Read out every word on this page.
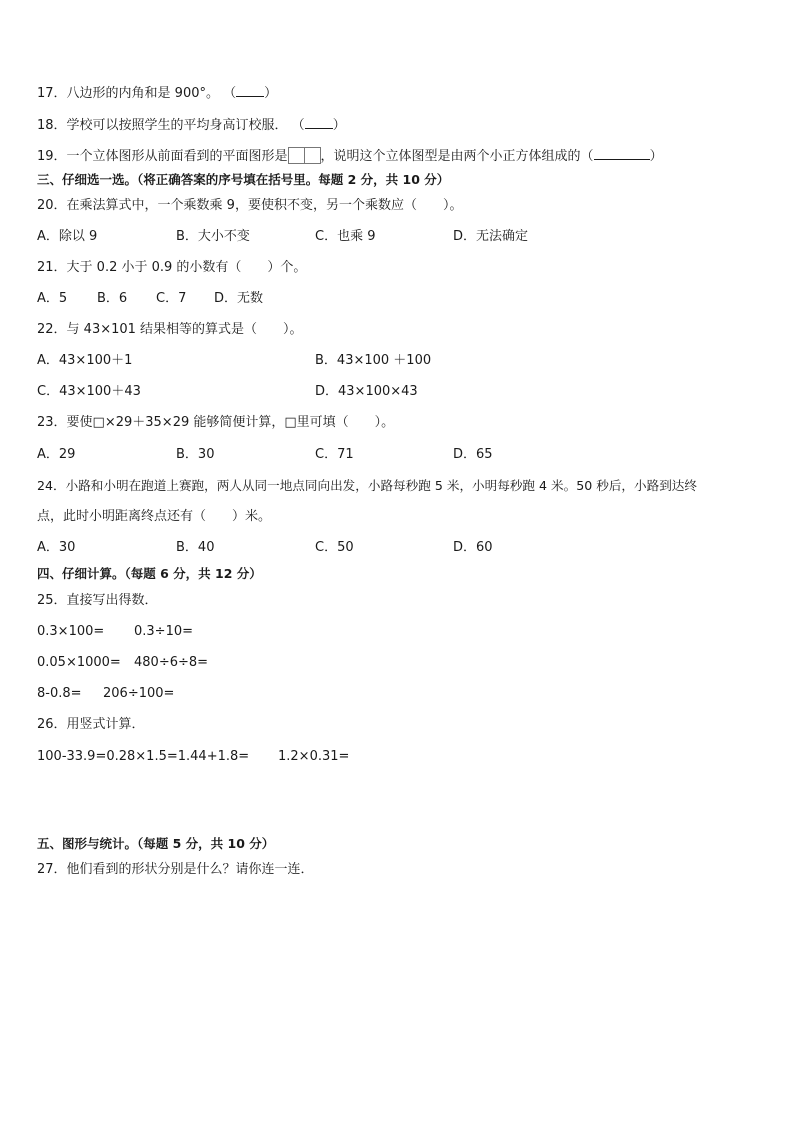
17．八边形的内角和是 900°。 （ ）
18．学校可以按照学生的平均身高订校服． （ ）
19．一个立体图形从前面看到的平面图形是	，说明这个立体图型是由两个小正方体组成的（	）
三、仔细选一选。（将正确答案的序号填在括号里。每题 2 分，共 10 分）
20．在乘法算式中，一个乘数乘 9，要使积不变，另一个乘数应（　　）。
A．除以 9	B．大小不变	C．也乘 9	D．无法确定
21．大于 0.2 小于 0.9 的小数有（　　）个。
A．5 B．6 C．7 D．无数
22．与 43×101 结果相等的算式是（　　）。
A．43×100＋1	B．43×100 ＋100
C．43×100＋43	D．43×100×43
23．要使□×29＋35×29 能够简便计算，□里可填（　　）。
A．29	B．30	C．71	D．65
24．小路和小明在跑道上赛跑，两人从同一地点同向出发，小路每秒跑 5 米，小明每秒跑 4 米。50 秒后，小路到达终
点，此时小明距离终点还有（　　）米。
A．30	B．40	C．50	D．60
四、仔细计算。（每题 6 分，共 12 分）
25．直接写出得数．
0.3×100= 0.3÷10=
0.05×1000= 480÷6÷8=
8-0.8= 206÷100=
26．用竖式计算．
100-33.9=0.28×1.5=1.44+1.8= 1.2×0.31=
五、图形与统计。（每题 5 分，共 10 分）
27．他们看到的形状分别是什么？请你连一连．
